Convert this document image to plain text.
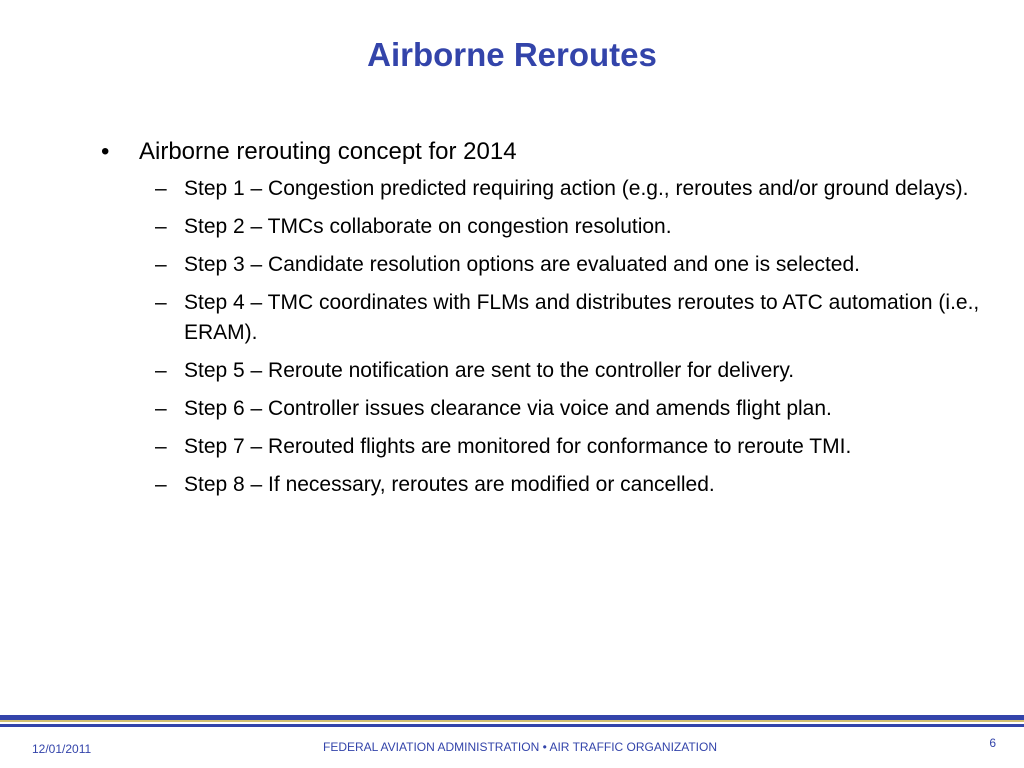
Airborne Reroutes
• Airborne rerouting concept for 2014
– Step 1 – Congestion predicted requiring action (e.g., reroutes and/or ground delays).
– Step 2 – TMCs collaborate on congestion resolution.
– Step 3 – Candidate resolution options are evaluated and one is selected.
– Step 4 – TMC coordinates with FLMs and distributes reroutes to ATC automation (i.e., ERAM).
– Step 5 – Reroute notification are sent to the controller for delivery.
– Step 6 – Controller issues clearance via voice and amends flight plan.
– Step 7 – Rerouted flights are monitored for conformance to reroute TMI.
– Step 8 – If necessary, reroutes are modified or cancelled.
12/01/2011	FEDERAL AVIATION ADMINISTRATION • AIR TRAFFIC ORGANIZATION	6
